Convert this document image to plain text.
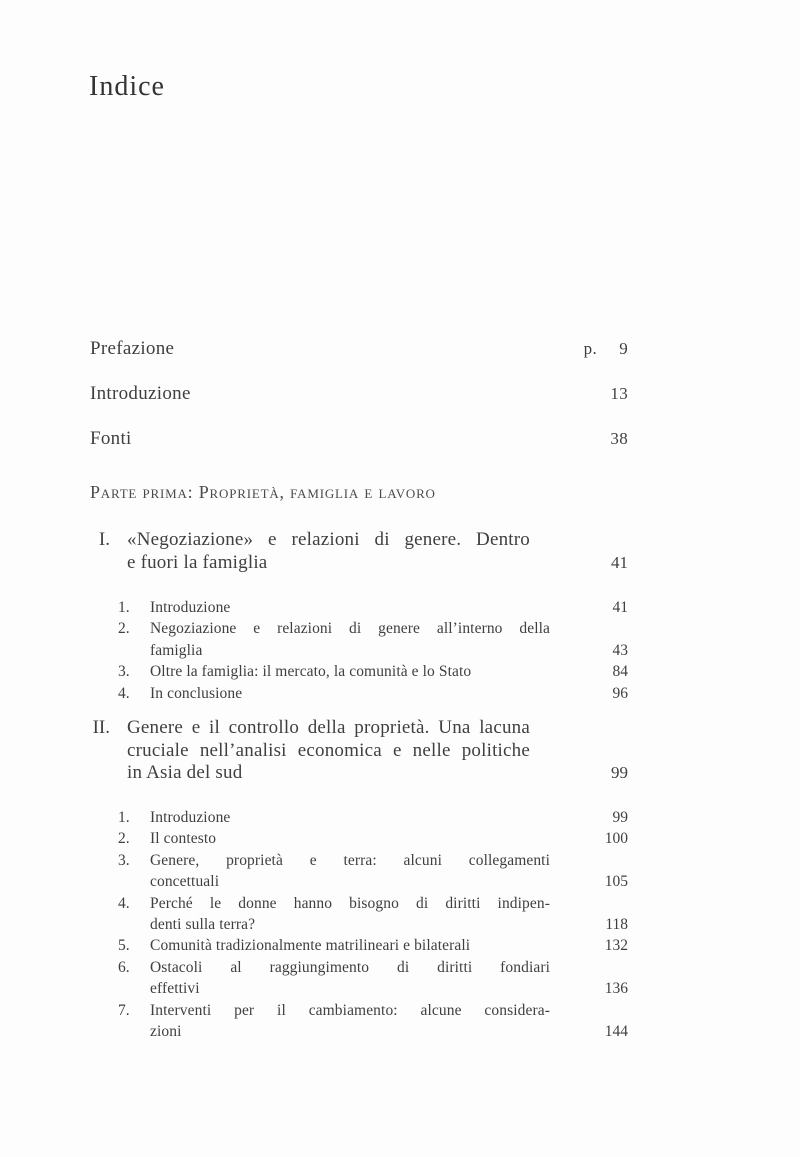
Indice
Prefazione	p.	9
Introduzione	13
Fonti	38
Parte prima: Proprietà, famiglia e lavoro
I. «Negoziazione» e relazioni di genere. Dentro
e fuori la famiglia	41
1.	Introduzione	41
2.	Negoziazione e relazioni di genere all’interno della
famiglia	43
3.	Oltre la famiglia: il mercato, la comunità e lo Stato	84
4.	In conclusione	96
II. Genere e il controllo della proprietà. Una lacuna
cruciale nell’analisi economica e nelle politiche
in Asia del sud	99
1.	Introduzione	99
2.	Il contesto	100
3.	Genere, proprietà e terra: alcuni collegamenti
concettuali	105
4.	Perché le donne hanno bisogno di diritti indipen-
denti sulla terra?	118
5.	Comunità tradizionalmente matrilineari e bilaterali	132
6.	Ostacoli al raggiungimento di diritti fondiari
effettivi	136
7.	Interventi per il cambiamento: alcune considera-
zioni	144
